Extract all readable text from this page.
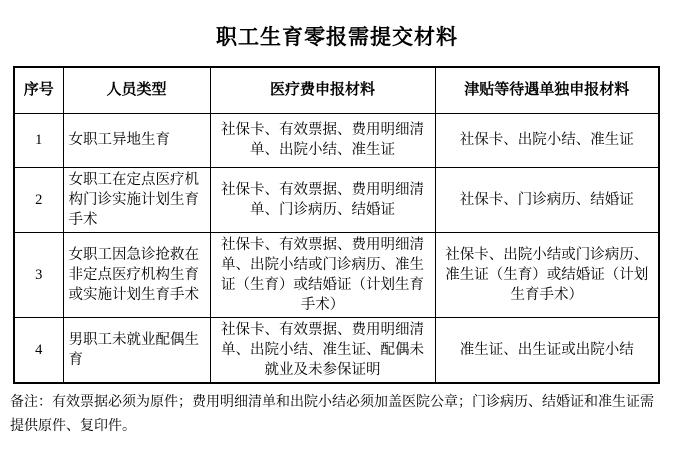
职工生育零报需提交材料
序号	人员类型	医疗费申报材料	津贴等待遇单独申报材料
1	女职工异地生育	社保卡、有效票据、费用明细清单、出院小结、准生证	社保卡、出院小结、准生证
2	女职工在定点医疗机构门诊实施计划生育手术	社保卡、有效票据、费用明细清单、门诊病历、结婚证	社保卡、门诊病历、结婚证
3	女职工因急诊抢救在非定点医疗机构生育或实施计划生育手术	社保卡、有效票据、费用明细清单、出院小结或门诊病历、准生证（生育）或结婚证（计划生育手术）	社保卡、出院小结或门诊病历、准生证（生育）或结婚证（计划生育手术）
4	男职工未就业配偶生育	社保卡、有效票据、费用明细清单、出院小结、准生证、配偶未就业及未参保证明	准生证、出生证或出院小结
备注：有效票据必须为原件；费用明细清单和出院小结必须加盖医院公章；门诊病历、结婚证和准生证需提供原件、复印件。
